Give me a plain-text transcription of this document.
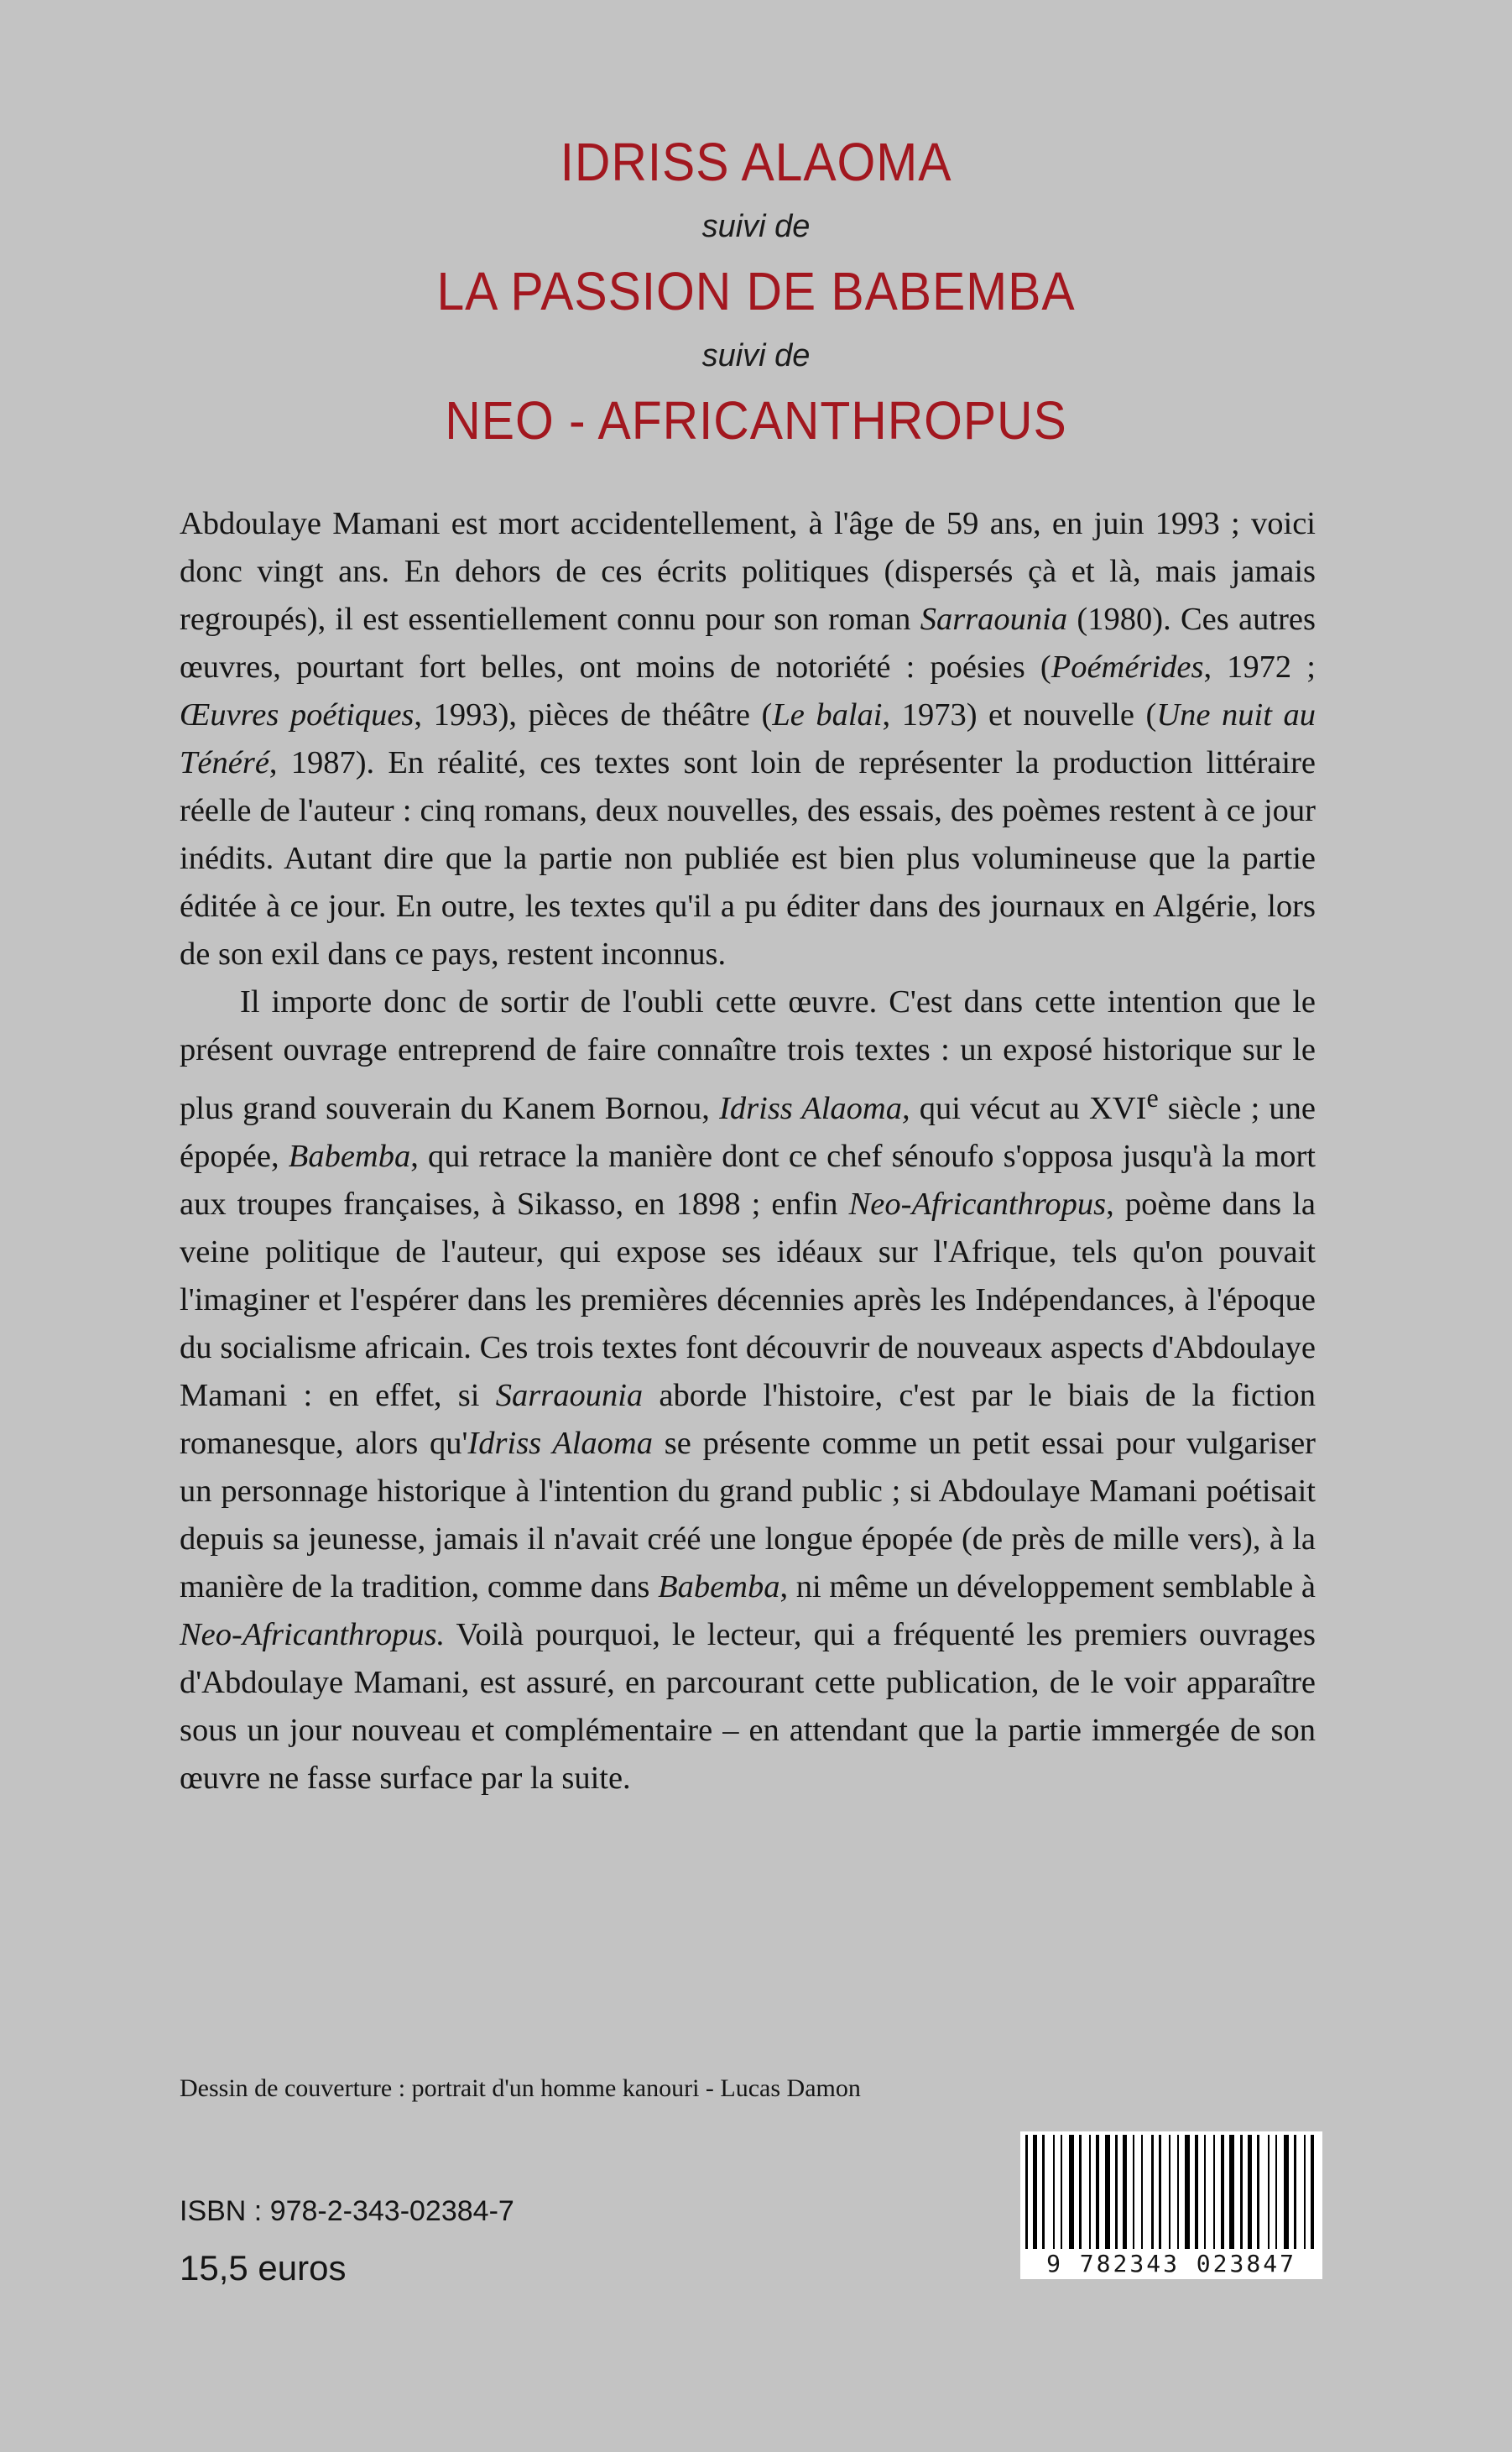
IDRISS ALAOMA
suivi de
LA PASSION DE BABEMBA
suivi de
NEO - AFRICANTHROPUS

Abdoulaye Mamani est mort accidentellement, à l'âge de 59 ans, en juin 1993 ; voici donc vingt ans. En dehors de ces écrits politiques (dispersés çà et là, mais jamais regroupés), il est essentiellement connu pour son roman Sarraounia (1980). Ces autres œuvres, pourtant fort belles, ont moins de notoriété : poésies (Poémérides, 1972 ; Œuvres poétiques, 1993), pièces de théâtre (Le balai, 1973) et nouvelle (Une nuit au Ténéré, 1987). En réalité, ces textes sont loin de représenter la production littéraire réelle de l'auteur : cinq romans, deux nouvelles, des essais, des poèmes restent à ce jour inédits. Autant dire que la partie non publiée est bien plus volumineuse que la partie éditée à ce jour. En outre, les textes qu'il a pu éditer dans des journaux en Algérie, lors de son exil dans ce pays, restent inconnus.

Il importe donc de sortir de l'oubli cette œuvre. C'est dans cette intention que le présent ouvrage entreprend de faire connaître trois textes : un exposé historique sur le plus grand souverain du Kanem Bornou, Idriss Alaoma, qui vécut au XVIe siècle ; une épopée, Babemba, qui retrace la manière dont ce chef sénoufo s'opposa jusqu'à la mort aux troupes françaises, à Sikasso, en 1898 ; enfin Neo-Africanthropus, poème dans la veine politique de l'auteur, qui expose ses idéaux sur l'Afrique, tels qu'on pouvait l'imaginer et l'espérer dans les premières décennies après les Indépendances, à l'époque du socialisme africain. Ces trois textes font découvrir de nouveaux aspects d'Abdoulaye Mamani : en effet, si Sarraounia aborde l'histoire, c'est par le biais de la fiction romanesque, alors qu'Idriss Alaoma se présente comme un petit essai pour vulgariser un personnage historique à l'intention du grand public ; si Abdoulaye Mamani poétisait depuis sa jeunesse, jamais il n'avait créé une longue épopée (de près de mille vers), à la manière de la tradition, comme dans Babemba, ni même un développement semblable à Neo-Africanthropus. Voilà pourquoi, le lecteur, qui a fréquenté les premiers ouvrages d'Abdoulaye Mamani, est assuré, en parcourant cette publication, de le voir apparaître sous un jour nouveau et complémentaire – en attendant que la partie immergée de son œuvre ne fasse surface par la suite.

Dessin de couverture : portrait d'un homme kanouri - Lucas Damon
ISBN : 978-2-343-02384-7
15,5 euros	9 782343 023847
